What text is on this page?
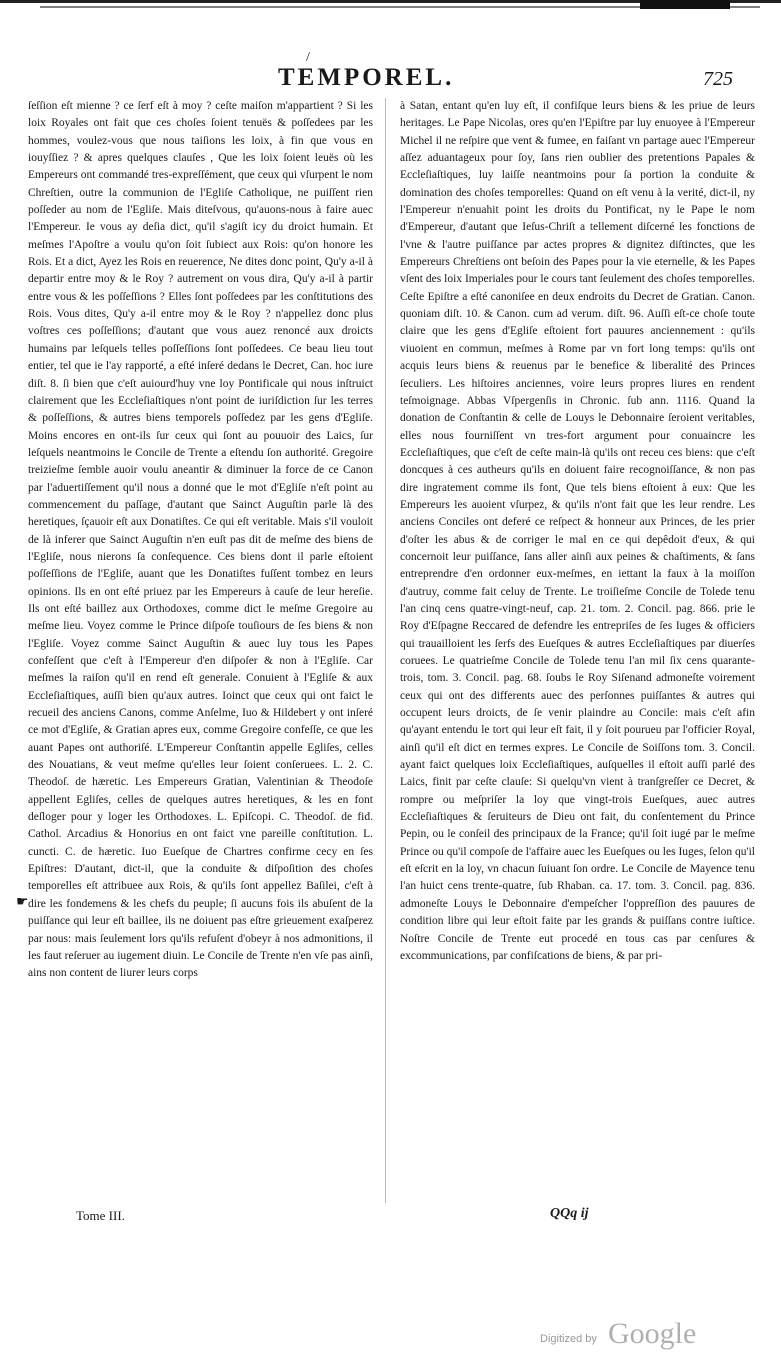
/
TEMPOREL.	725
☛

ſeſſion eſt mienne ? ce ſerf eſt à moy ? ceſte maiſon m'appartient ? Si les loix Royales ont fait que ces choſes ſoient tenuës & poſſedees par les hommes, voulez-vous que nous taiſions les loix, à fin que vous en iouyſſiez ? & apres quelques clauſes , Que les loix ſoient leuës où les Empereurs ont commandé tres-expreſſément, que ceux qui vſurpent le nom Chreſtien, outre la communion de l'Egliſe Catholique, ne puiſſent rien poſſeder au nom de l'Egliſe. Mais diteſvous, qu'auons-nous à faire auec l'Empereur. Ie vous ay deſia dict, qu'il s'agiſt icy du droict humain. Et meſmes l'Apoſtre a voulu qu'on ſoit ſubiect aux Rois: qu'on honore les Rois. Et a dict, Ayez les Rois en reuerence, Ne dites donc point, Qu'y a-il à departir entre moy & le Roy ? autrement on vous dira, Qu'y a-il à partir entre vous & les poſſeſſions ? Elles ſont poſſedees par les conſtitutions des Rois. Vous dites, Qu'y a-il entre moy & le Roy ? n'appellez donc plus voſtres ces poſſeſſions; d'autant que vous auez renoncé aux droicts humains par leſquels telles poſſeſſions ſont poſſedees. Ce beau lieu tout entier, tel que ie l'ay rapporté, a eſté inſeré dedans le Decret, Can. hoc iure diſt. 8. ſi bien que c'eſt auiourd'huy vne loy Pontificale qui nous inſtruict clairement que les Eccleſiaſtiques n'ont point de iuriſdiction ſur les terres & poſſeſſions, & autres biens temporels poſſedez par les gens d'Egliſe. Moins encores en ont-ils ſur ceux qui ſont au pouuoir des Laics, ſur leſquels neantmoins le Concile de Trente a eſtendu ſon authorité. Gregoire treizieſme ſemble auoir voulu aneantir & diminuer la force de ce Canon par l'aduertiſſement qu'il nous a donné que le mot d'Egliſe n'eſt point au commencement du paſſage, d'autant que Sainct Auguſtin parle là des heretiques, ſçauoir eſt aux Donatiſtes. Ce qui eſt veritable. Mais s'il vouloit de là inferer que Sainct Auguſtin n'en euſt pas dit de meſme des biens de l'Egliſe, nous nierons ſa conſequence. Ces biens dont il parle eſtoient poſſeſſions de l'Egliſe, auant que les Donatiſtes fuſſent tombez en leurs opinions. Ils en ont eſté priuez par les Empereurs à cauſe de leur hereſie. Ils ont eſté baillez aux Orthodoxes, comme dict le meſme Gregoire au meſme lieu. Voyez comme le Prince diſpoſe touſiours de ſes biens & non l'Egliſe. Voyez comme Sainct Auguſtin & auec luy tous les Papes confeſſent que c'eſt à l'Empereur d'en diſpoſer & non à l'Egliſe. Car meſmes la raiſon qu'il en rend eſt generale. Conuient à l'Egliſe & aux Eccleſiaſtiques, auſſi bien qu'aux autres. Ioinct que ceux qui ont faict le recueil des anciens Canons, comme Anſelme, Iuo & Hildebert y ont inſeré ce mot d'Egliſe, & Gratian apres eux, comme Gregoire confeſſe, ce que les auant Papes ont authoriſé. L'Empereur Conſtantin appelle Egliſes, celles des Nouatians, & veut meſme qu'elles leur ſoient conſeruees. L. 2. C. Theodoſ. de hæretic. Les Empereurs Gratian, Valentinian & Theodoſe appellent Egliſes, celles de quelques autres heretiques, & les en font deſloger pour y loger les Orthodoxes. L. Epiſcopi. C. Theodoſ. de fid. Cathol. Arcadius & Honorius en ont faict vne pareille conſtitution. L. cuncti. C. de hæretic. Iuo Eueſque de Chartres confirme cecy en ſes Epiſtres: D'autant, dict-il, que la conduite & diſpoſition des choſes temporelles eſt attribuee aux Rois, & qu'ils ſont appellez Baſilei, c'eſt à dire les fondemens & les chefs du peuple; ſi aucuns fois ils abuſent de la puiſſance qui leur eſt baillee, ils ne doiuent pas eſtre grieuement exaſperez par nous: mais ſeulement lors qu'ils refuſent d'obeyr à nos admonitions, il les faut reſeruer au iugement diuin. Le Concile de Trente n'en vſe pas ainſi, ains non content de liurer leurs corps

à Satan, entant qu'en luy eſt, il confiſque leurs biens & les priue de leurs heritages. Le Pape Nicolas, ores qu'en l'Epiſtre par luy enuoyee à l'Empereur Michel il ne reſpire que vent & fumee, en faiſant vn partage auec l'Empereur aſſez aduantageux pour ſoy, ſans rien oublier des pretentions Papales & Eccleſiaſtiques, luy laiſſe neantmoins pour ſa portion la conduite & domination des choſes temporelles: Quand on eſt venu à la verité, dict-il, ny l'Empereur n'enuahit point les droits du Pontificat, ny le Pape le nom d'Empereur, d'autant que Ieſus-Chriſt a tellement diſcerné les fonctions de l'vne & l'autre puiſſance par actes propres & dignitez diſtinctes, que les Empereurs Chreſtiens ont beſoin des Papes pour la vie eternelle, & les Papes vſent des loix Imperiales pour le cours tant ſeulement des choſes temporelles. Ceſte Epiſtre a eſté canoniſee en deux endroits du Decret de Gratian. Canon. quoniam diſt. 10. & Canon. cum ad verum. diſt. 96. Auſſi eſt-ce choſe toute claire que les gens d'Egliſe eſtoient fort pauures anciennement : qu'ils viuoient en commun, meſmes à Rome par vn fort long temps: qu'ils ont acquis leurs biens & reuenus par le benefice & liberalité des Princes ſeculiers. Les hiſtoires anciennes, voire leurs propres liures en rendent teſmoignage. Abbas Vſpergenſis in Chronic. ſub ann. 1116. Quand la donation de Conſtantin & celle de Louys le Debonnaire ſeroient veritables, elles nous fourniſſent vn tres-fort argument pour conuaincre les Eccleſiaſtiques, que c'eſt de ceſte main-là qu'ils ont receu ces biens: que c'eſt doncques à ces autheurs qu'ils en doiuent faire recognoiſſance, & non pas dire ingratement comme ils font, Que tels biens eſtoient à eux: Que les Empereurs les auoient vſurpez, & qu'ils n'ont fait que les leur rendre. Les anciens Conciles ont deferé ce reſpect & honneur aux Princes, de les prier d'oſter les abus & de corriger le mal en ce qui depêdoit d'eux, & qui concernoit leur puiſſance, ſans aller ainſi aux peines & chaſtiments, & ſans entreprendre d'en ordonner eux-meſmes, en iettant la faux à la moiſſon d'autruy, comme fait celuy de Trente. Le troiſieſme Concile de Tolede tenu l'an cinq cens quatre-vingt-neuf, cap. 21. tom. 2. Concil. pag. 866. prie le Roy d'Eſpagne Reccared de defendre les entrepriſes de ſes Iuges & officiers qui trauailloient les ſerfs des Eueſques & autres Eccleſiaſtiques par diuerſes coruees. Le quatrieſme Concile de Tolede tenu l'an mil ſix cens quarante-trois, tom. 3. Concil. pag. 68. ſoubs le Roy Siſenand admoneſte voirement ceux qui ont des differents auec des perſonnes puiſſantes & autres qui occupent leurs droicts, de ſe venir plaindre au Concile: mais c'eſt afin qu'ayant entendu le tort qui leur eſt fait, il y ſoit pourueu par l'officier Royal, ainſi qu'il eſt dict en termes expres. Le Concile de Soiſſons tom. 3. Concil. ayant faict quelques loix Eccleſiaſtiques, auſquelles il eſtoit auſſi parlé des Laics, finit par ceſte clauſe: Si quelqu'vn vient à tranſgreſſer ce Decret, & rompre ou meſpriſer la loy que vingt-trois Eueſques, auec autres Eccleſiaſtiques & ſeruiteurs de Dieu ont fait, du conſentement du Prince Pepin, ou le conſeil des principaux de la France; qu'il ſoit iugé par le meſme Prince ou qu'il compoſe de l'affaire auec les Eueſques ou les Iuges, ſelon qu'il eſt eſcrit en la loy, vn chacun ſuiuant ſon ordre. Le Concile de Mayence tenu l'an huict cens trente-quatre, ſub Rhaban. ca. 17. tom. 3. Concil. pag. 836. admoneſte Louys le Debonnaire d'empeſcher l'oppreſſion des pauures de condition libre qui leur eſtoit faite par les grands & puiſſans contre iuſtice. Noſtre Concile de Trente eut procedé en tous cas par cenſures & excommunications, par confiſcations de biens, & par pri-

Tome III.	QQq ij
Digitized by Google
